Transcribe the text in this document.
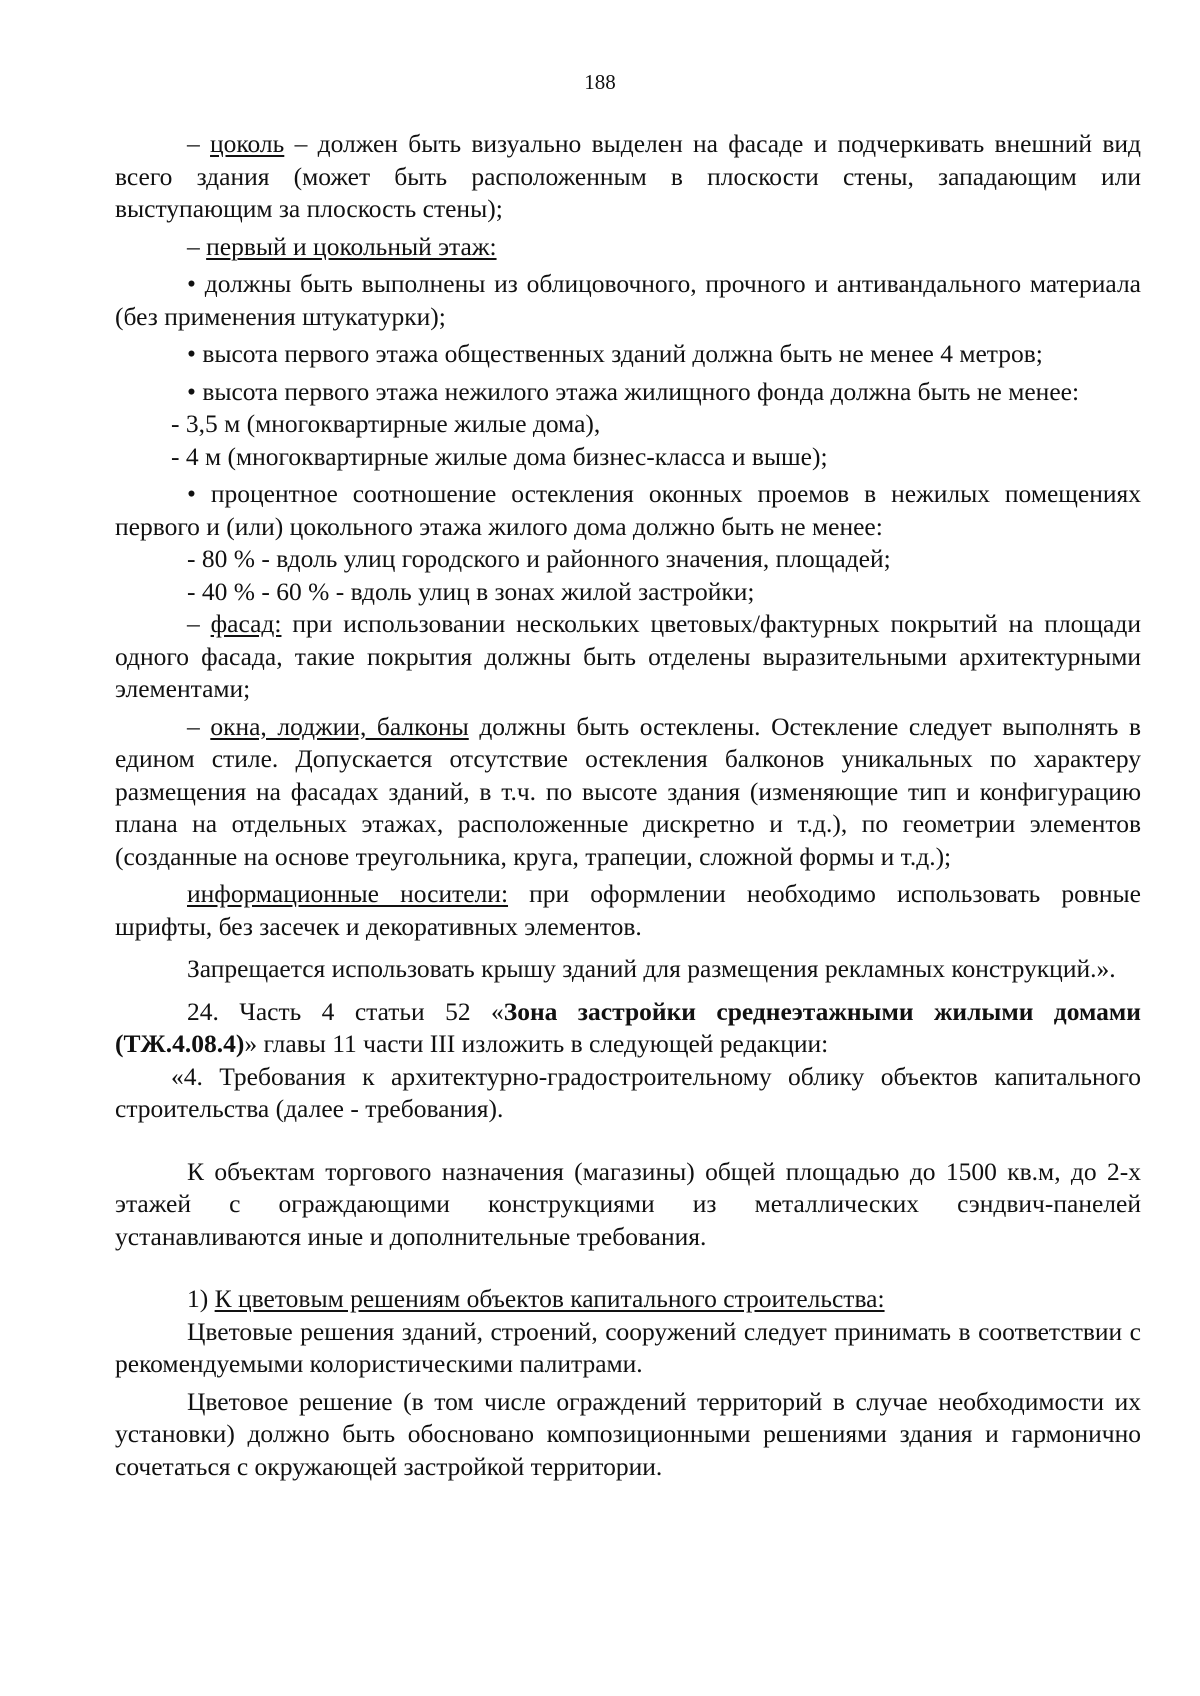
188

– цоколь – должен быть визуально выделен на фасаде и подчеркивать внешний вид всего здания (может быть расположенным в плоскости стены, западающим или выступающим за плоскость стены);

– первый и цокольный этаж:

• должны быть выполнены из облицовочного, прочного и антивандального материала (без применения штукатурки);

• высота первого этажа общественных зданий должна быть не менее 4 метров;

• высота первого этажа нежилого этажа жилищного фонда должна быть не менее:

- 3,5 м (многоквартирные жилые дома),

- 4 м (многоквартирные жилые дома бизнес-класса и выше);

• процентное соотношение остекления оконных проемов в нежилых помещениях первого и (или) цокольного этажа жилого дома должно быть не менее:

- 80 % - вдоль улиц городского и районного значения, площадей;

- 40 % - 60 % - вдоль улиц в зонах жилой застройки;

– фасад: при использовании нескольких цветовых/фактурных покрытий на площади одного фасада, такие покрытия должны быть отделены выразительными архитектурными элементами;

– окна, лоджии, балконы должны быть остеклены. Остекление следует выполнять в едином стиле. Допускается отсутствие остекления балконов уникальных по характеру размещения на фасадах зданий, в т.ч. по высоте здания (изменяющие тип и конфигурацию плана на отдельных этажах, расположенные дискретно и т.д.), по геометрии элементов (созданные на основе треугольника, круга, трапеции, сложной формы и т.д.);

информационные носители: при оформлении необходимо использовать ровные шрифты, без засечек и декоративных элементов.

Запрещается использовать крышу зданий для размещения рекламных конструкций.».

24. Часть 4 статьи 52 «Зона застройки среднеэтажными жилыми домами (ТЖ.4.08.4)» главы 11 части III изложить в следующей редакции:

«4. Требования к архитектурно-градостроительному облику объектов капитального строительства (далее - требования).

К объектам торгового назначения (магазины) общей площадью до 1500 кв.м, до 2-х этажей с ограждающими конструкциями из металлических сэндвич-панелей устанавливаются иные и дополнительные требования.

1) К цветовым решениям объектов капитального строительства:

Цветовые решения зданий, строений, сооружений следует принимать в соответствии с рекомендуемыми колористическими палитрами.

Цветовое решение (в том числе ограждений территорий в случае необходимости их установки) должно быть обосновано композиционными решениями здания и гармонично сочетаться с окружающей застройкой территории.
